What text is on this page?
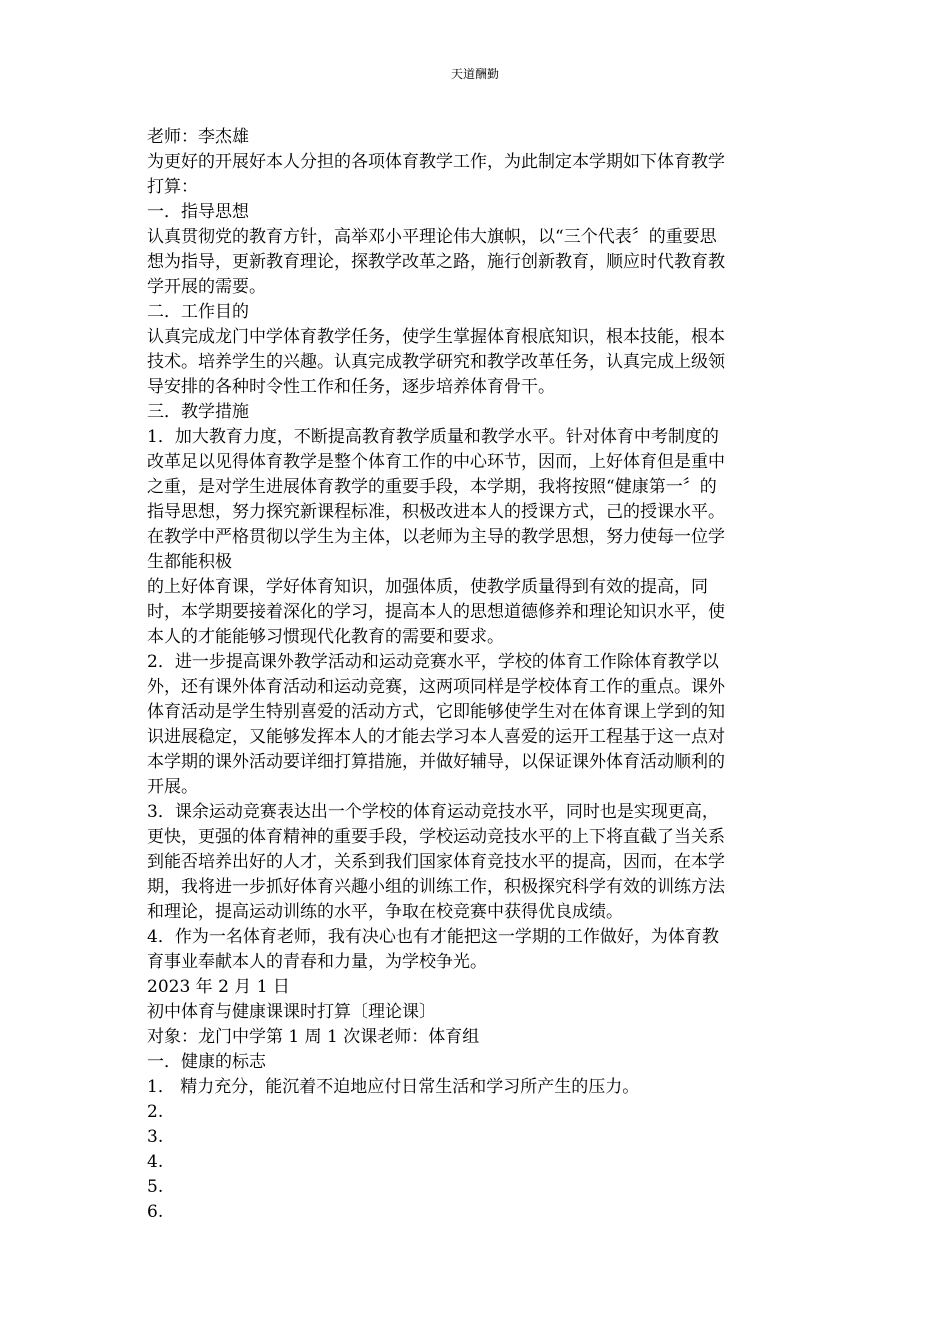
天道酬勤
老师：李杰雄
为更好的开展好本人分担的各项体育教学工作，为此制定本学期如下体育教学
打算：
一．指导思想
认真贯彻党的教育方针，高举邓小平理论伟大旗帜，以“三个代表〞的重要思
想为指导，更新教育理论，探教学改革之路，施行创新教育，顺应时代教育教
学开展的需要。
二．工作目的
认真完成龙门中学体育教学任务，使学生掌握体育根底知识，根本技能，根本
技术。培养学生的兴趣。认真完成教学研究和教学改革任务，认真完成上级领
导安排的各种时令性工作和任务，逐步培养体育骨干。
三．教学措施
1．加大教育力度，不断提高教育教学质量和教学水平。针对体育中考制度的
改革足以见得体育教学是整个体育工作的中心环节，因而，上好体育但是重中
之重，是对学生进展体育教学的重要手段，本学期，我将按照“健康第一〞的
指导思想，努力探究新课程标准，积极改进本人的授课方式，己的授课水平。
在教学中严格贯彻以学生为主体，以老师为主导的教学思想，努力使每一位学
生都能积极
的上好体育课，学好体育知识，加强体质，使教学质量得到有效的提高，同
时，本学期要接着深化的学习，提高本人的思想道德修养和理论知识水平，使
本人的才能能够习惯现代化教育的需要和要求。
2．进一步提高课外教学活动和运动竞赛水平，学校的体育工作除体育教学以
外，还有课外体育活动和运动竞赛，这两项同样是学校体育工作的重点。课外
体育活动是学生特别喜爱的活动方式，它即能够使学生对在体育课上学到的知
识进展稳定，又能够发挥本人的才能去学习本人喜爱的运开工程基于这一点对
本学期的课外活动要详细打算措施，并做好辅导，以保证课外体育活动顺利的
开展。
3．课余运动竞赛表达出一个学校的体育运动竞技水平，同时也是实现更高，
更快，更强的体育精神的重要手段，学校运动竞技水平的上下将直截了当关系
到能否培养出好的人才，关系到我们国家体育竞技水平的提高，因而，在本学
期，我将进一步抓好体育兴趣小组的训练工作，积极探究科学有效的训练方法
和理论，提高运动训练的水平，争取在校竞赛中获得优良成绩。
4．作为一名体育老师，我有决心也有才能把这一学期的工作做好，为体育教
育事业奉献本人的青春和力量，为学校争光。
2023 年 2 月 1 日
初中体育与健康课课时打算〔理论课〕
对象：龙门中学第 1 周 1 次课老师：体育组
一．健康的标志
1． 精力充分，能沉着不迫地应付日常生活和学习所产生的压力。
2.
3.
4.
5.
6.
